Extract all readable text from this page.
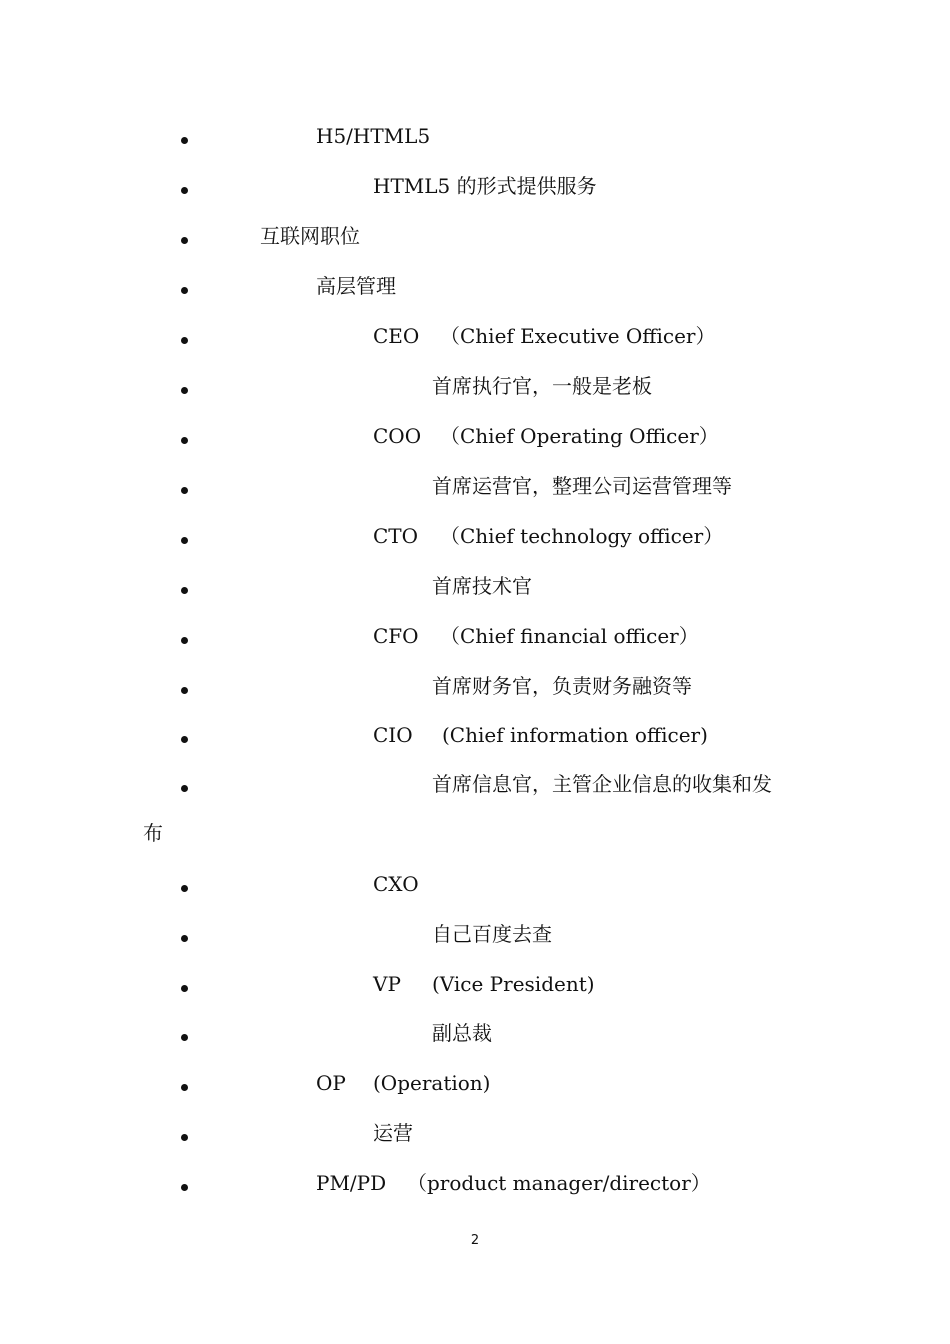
H5/HTML5
HTML5 的形式提供服务
互联网职位
高层管理
CEO （Chief Executive Officer）
首席执行官，一般是老板
COO （Chief Operating Officer）
首席运营官，整理公司运营管理等
CTO （Chief technology officer）
首席技术官
CFO （Chief financial officer）
首席财务官，负责财务融资等
CIO (Chief information officer)
首席信息官，主管企业信息的收集和发
布
CXO
自己百度去查
VP (Vice President)
副总裁
OP (Operation)
运营
PM/PD （product manager/director）
2
